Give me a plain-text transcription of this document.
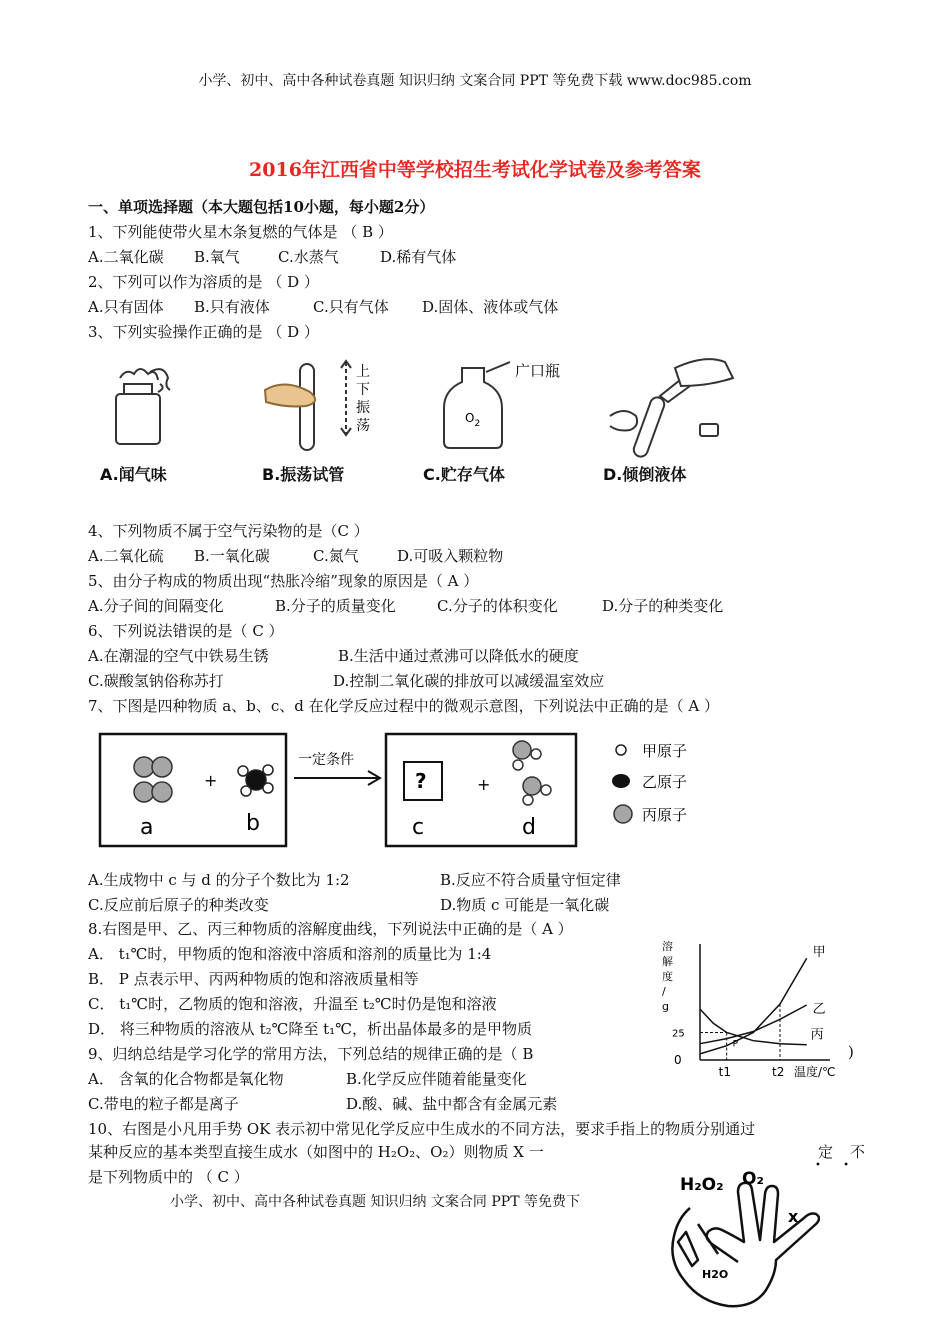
小学、初中、高中各种试卷真题 知识归纳 文案合同 PPT 等免费下载 www.doc985.com
2016年江西省中等学校招生考试化学试卷及参考答案
一、单项选择题（本大题包括10小题，每小题2分）
1、下列能使带火星木条复燃的气体是 （ B ）
A.二氧化碳 B.氧气	C.水蒸气	D.稀有气体
2、下列可以作为溶质的是 （ D ）
A.只有固体 B.只有液体	C.只有气体 D.固体、液体或气体
3、下列实验操作正确的是 （ D ）
上
下
振
荡	$O_2$
广口瓶
A.闻气味	B.振荡试管	C.贮存气体	D.倾倒液体
4、下列物质不属于空气污染物的是（C ）
A.二氧化硫 B.一氧化碳	C.氮气	D.可吸入颗粒物
5、由分子构成的物质出现“热胀冷缩”现象的原因是（ A ）
A.分子间的间隔变化	B.分子的质量变化	C.分子的体积变化	D.分子的种类变化
6、下列说法错误的是（ C ）
A.在潮湿的空气中铁易生锈	B.生活中通过煮沸可以降低水的硬度
C.碳酸氢钠俗称苏打	D.控制二氧化碳的排放可以减缓温室效应
7、下图是四种物质 a、b、c、d 在化学反应过程中的微观示意图，下列说法中正确的是（ A ）
+
a	b
一定条件
?	+
c	d
甲原子
乙原子
丙原子
A.生成物中 c 与 d 的分子个数比为 1:2	B.反应不符合质量守恒定律
C.反应前后原子的种类改变	D.物质 c 可能是一氧化碳
8.右图是甲、乙、丙三种物质的溶解度曲线，下列说法中正确的是（ A ）
A． t₁℃时，甲物质的饱和溶液中溶质和溶剂的质量比为 1:4
B． P 点表示甲、丙两种物质的饱和溶液质量相等
C． t₁℃时，乙物质的饱和溶液，升温至 t₂℃时仍是饱和溶液
D． 将三种物质的溶液从 t₂℃降至 t₁℃，析出晶体最多的是甲物质
溶
解
度
/
g
0
25
t1	t2 温度/℃
甲
乙
丙
P
9、归纳总结是学习化学的常用方法，下列总结的规律正确的是（ B	)
A． 含氧的化合物都是氧化物	B.化学反应伴随着能量变化
C.带电的粒子都是离子	D.酸、碱、盐中都含有金属元素
10、右图是小凡用手势 OK 表示初中常见化学反应中生成水的不同方法，要求手指上的物质分别通过
某种反应的基本类型直接生成水（如图中的 H₂O₂、O₂）则物质 X 一	定 不
•       •
是下列物质中的 （ C ）	H₂O₂ O₂
x
H2O
小学、初中、高中各种试卷真题 知识归纳 文案合同 PPT 等免费下
